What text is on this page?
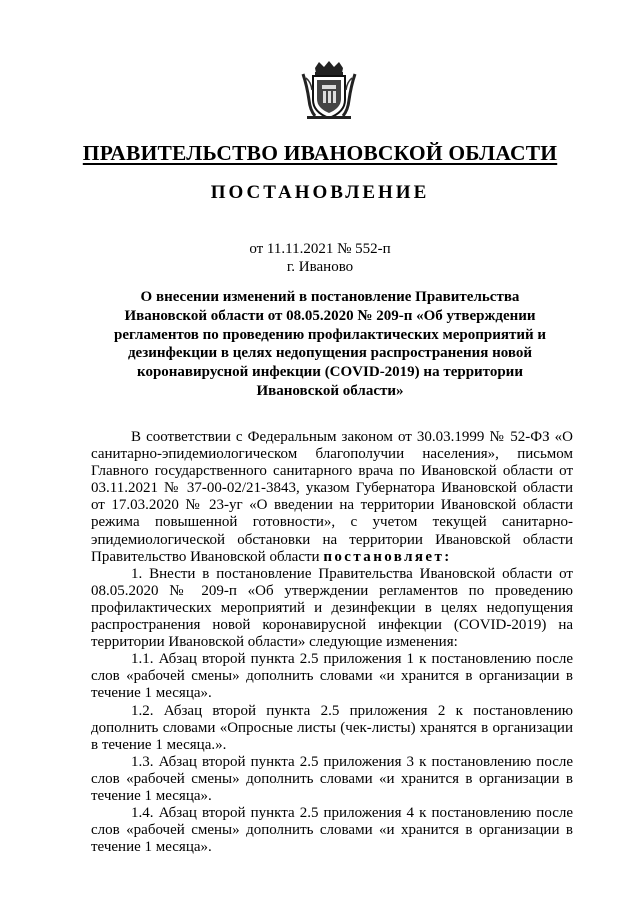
ПРАВИТЕЛЬСТВО ИВАНОВСКОЙ ОБЛАСТИ
ПОСТАНОВЛЕНИЕ
от 11.11.2021 № 552-п
г. Иваново
О внесении изменений в постановление Правительства Ивановской области от 08.05.2020 № 209-п «Об утверждении регламентов по проведению профилактических мероприятий и дезинфекции в целях недопущения распространения новой коронавирусной инфекции (COVID-2019) на территории Ивановской области»

В соответствии с Федеральным законом от 30.03.1999 № 52-ФЗ «О санитарно-эпидемиологическом благополучии населения», письмом Главного государственного санитарного врача по Ивановской области от 03.11.2021 № 37-00-02/21-3843, указом Губернатора Ивановской области от 17.03.2020 № 23-уг «О введении на территории Ивановской области режима повышенной готовности», с учетом текущей санитарно-эпидемиологической обстановки на территории Ивановской области Правительство Ивановской области постановляет:

1. Внести в постановление Правительства Ивановской области от 08.05.2020 № 209-п «Об утверждении регламентов по проведению профилактических мероприятий и дезинфекции в целях недопущения распространения новой коронавирусной инфекции (COVID-2019) на территории Ивановской области» следующие изменения:

1.1. Абзац второй пункта 2.5 приложения 1 к постановлению после слов «рабочей смены» дополнить словами «и хранится в организации в течение 1 месяца».

1.2. Абзац второй пункта 2.5 приложения 2 к постановлению дополнить словами «Опросные листы (чек-листы) хранятся в организации в течение 1 месяца.».

1.3. Абзац второй пункта 2.5 приложения 3 к постановлению после слов «рабочей смены» дополнить словами «и хранится в организации в течение 1 месяца».

1.4. Абзац второй пункта 2.5 приложения 4 к постановлению после слов «рабочей смены» дополнить словами «и хранится в организации в течение 1 месяца».
